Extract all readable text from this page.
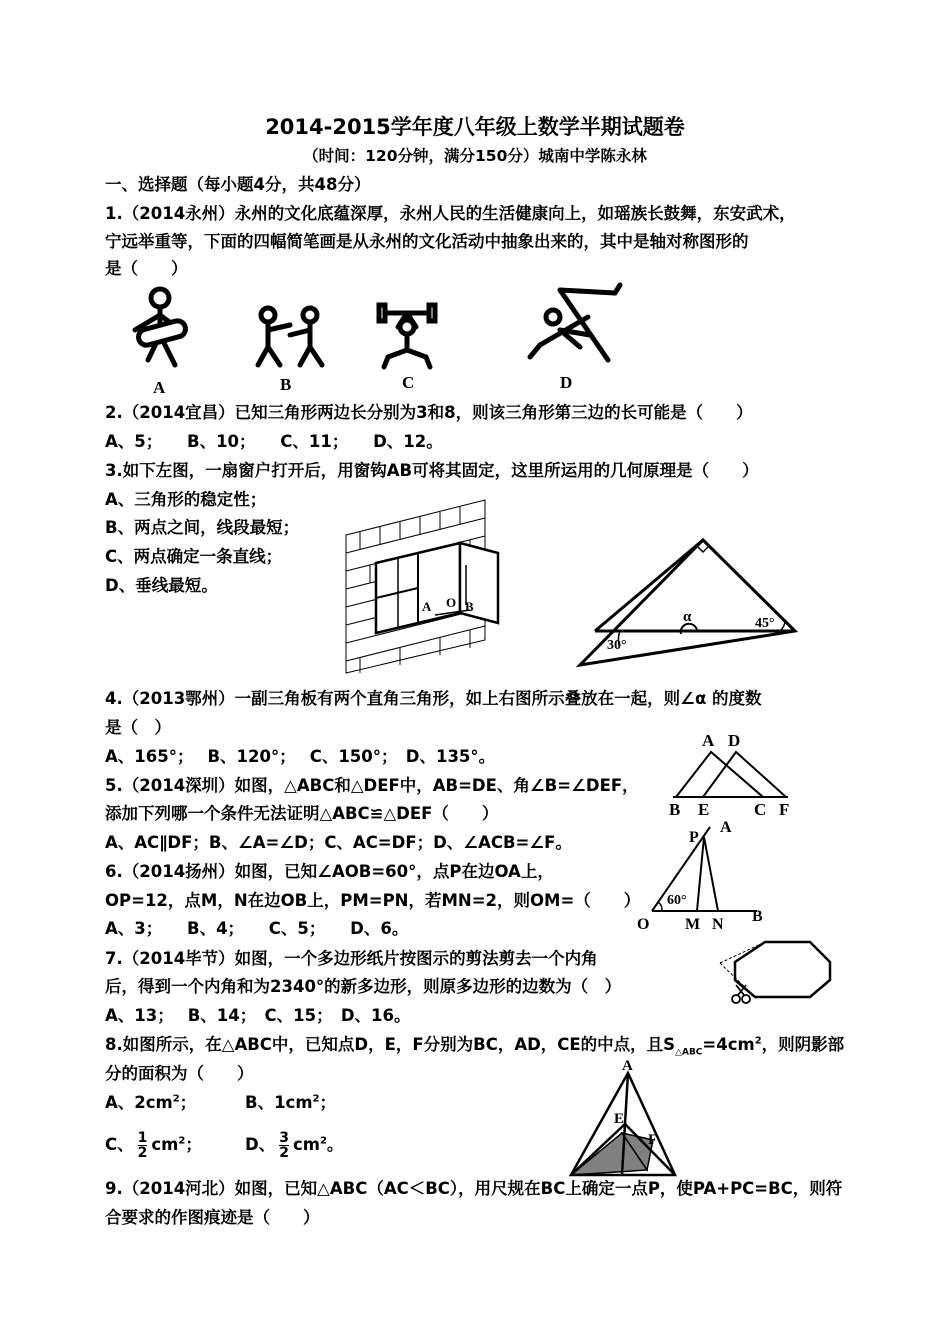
2014-2015学年度八年级上数学半期试题卷
（时间：120分钟，满分150分）城南中学陈永林
一、选择题（每小题4分，共48分）
1.（2014永州）永州的文化底蕴深厚，永州人民的生活健康向上，如瑶族长鼓舞，东安武术，
宁远举重等，下面的四幅简笔画是从永州的文化活动中抽象出来的，其中是轴对称图形的
是（　　）
A	B	C	D
2.（2014宜昌）已知三角形两边长分别为3和8，则该三角形第三边的长可能是（　　）
A、5；　　B、10；　　C、11；　　D、12。
3.如下左图，一扇窗户打开后，用窗钩AB可将其固定，这里所运用的几何原理是（　　）
A、三角形的稳定性；
B、两点之间，线段最短；
C、两点确定一条直线；
D、垂线最短。
A O B
α
30°
45°
4.（2013鄂州）一副三角板有两个直角三角形，如上右图所示叠放在一起，则∠α 的度数
是（　）
A、165°；　 B、120°；　 C、150°；　D、135°。
5.（2014深圳）如图，△ABC和△DEF中，AB=DE、角∠B=∠DEF，
添加下列哪一个条件无法证明△ABC≌△DEF（　　）
A、AC∥DF；B、∠A=∠D；C、AC=DF；D、∠ACB=∠F。
A D
B E	C F
6.（2014扬州）如图，已知∠AOB=60°，点P在边OA上，
OP=12，点M，N在边OB上，PM=PN，若MN=2，则OM=（　　）
A、3；　　B、4；　　C、5；　　D、6。
P
A
O M N B
60°
7.（2014毕节）如图，一个多边形纸片按图示的剪法剪去一个内角
后，得到一个内角和为2340°的新多边形，则原多边形的边数为（　）
A、13；　 B、14；　C、15；　D、16。
8.如图所示，在△ABC中，已知点D，E，F分别为BC，AD，CE的中点，且$S_{\triangle ABC}=4cm^2$，则阴影部
分的面积为（　　）
A、$2cm^2$；	B、$1cm^2$；
C、 $\frac{1}{2} cm^2$；	D、 $\frac{3}{2} cm^2$。
A
E
F
9.（2014河北）如图，已知△ABC（AC＜BC），用尺规在BC上确定一点P，使PA+PC=BC，则符
合要求的作图痕迹是（　　）
